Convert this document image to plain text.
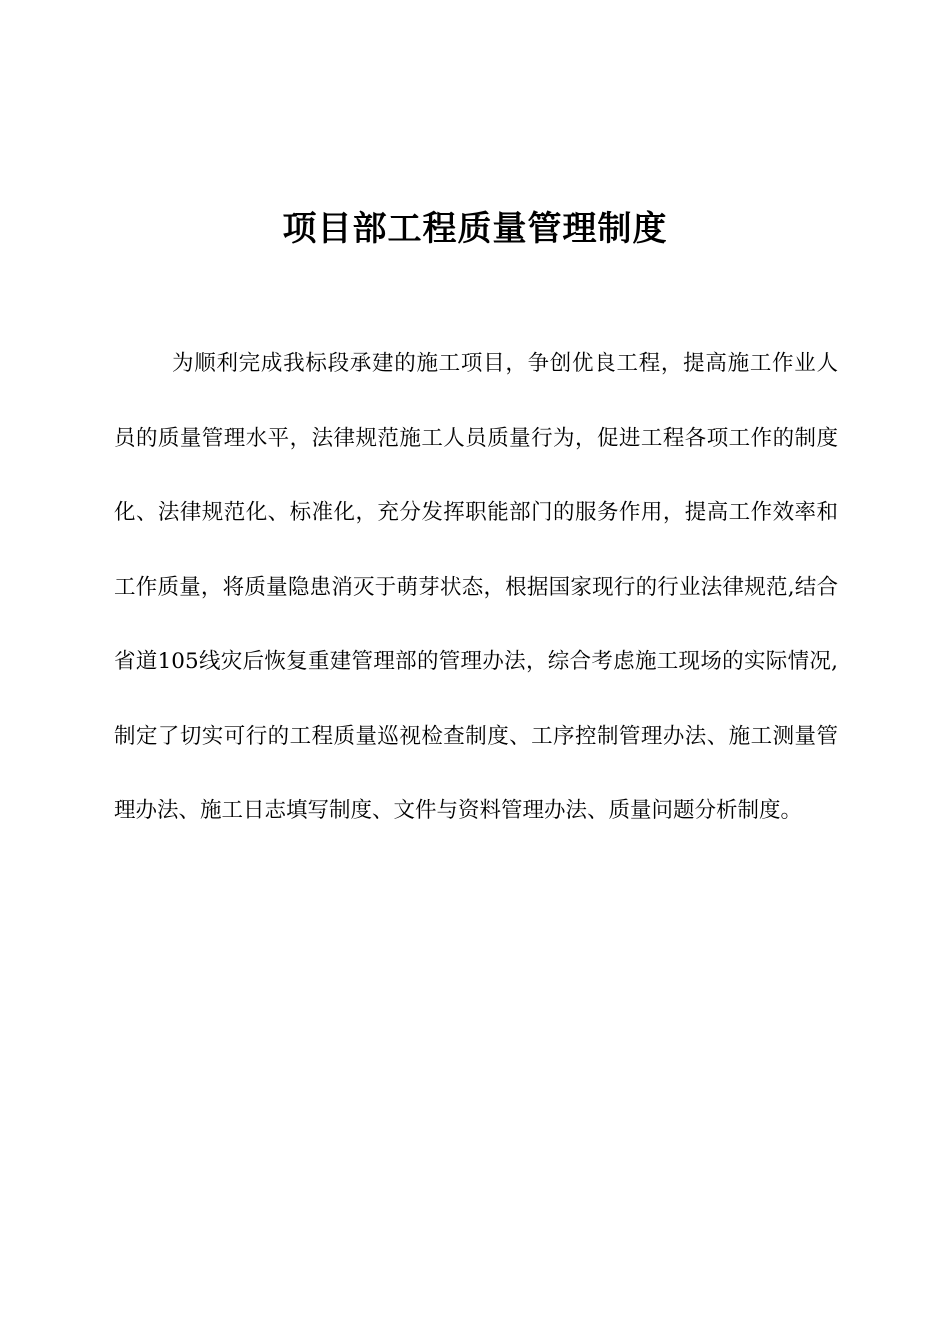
项目部工程质量管理制度

为顺利完成我标段承建的施工项目，争创优良工程，提高施工作业人员的质量管理水平，法律规范施工人员质量行为，促进工程各项工作的制度化、法律规范化、标准化，充分发挥职能部门的服务作用，提高工作效率和工作质量，将质量隐患消灭于萌芽状态，根据国家现行的行业法律规范,结合省道105线灾后恢复重建管理部的管理办法，综合考虑施工现场的实际情况,制定了切实可行的工程质量巡视检查制度、工序控制管理办法、施工测量管理办法、施工日志填写制度、文件与资料管理办法、质量问题分析制度。
